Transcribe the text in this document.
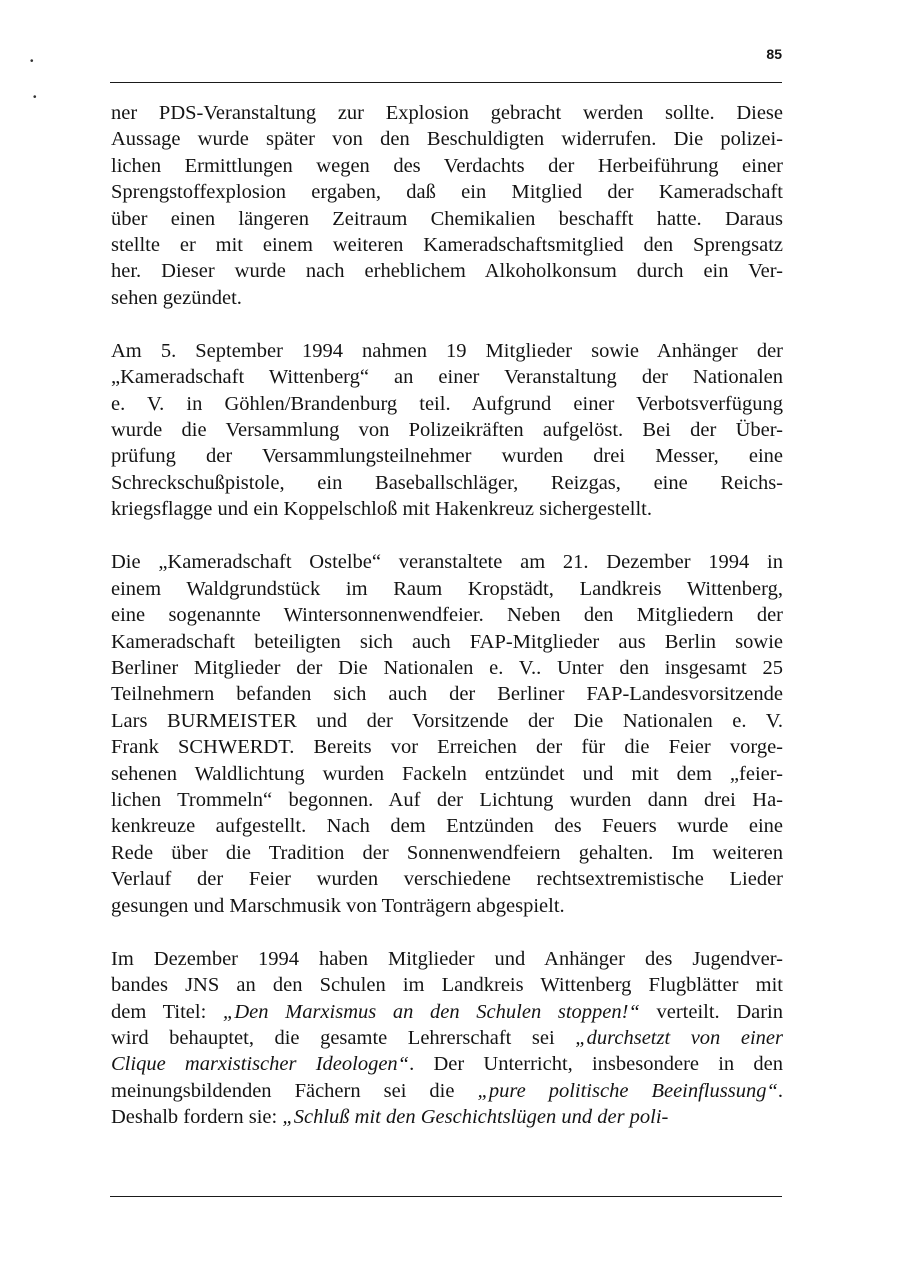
85
•
•
ner PDS-Veranstaltung zur Explosion gebracht werden sollte. Diese
Aussage wurde später von den Beschuldigten widerrufen. Die polizei-
lichen Ermittlungen wegen des Verdachts der Herbeiführung einer
Sprengstoffexplosion ergaben, daß ein Mitglied der Kameradschaft
über einen längeren Zeitraum Chemikalien beschafft hatte. Daraus
stellte er mit einem weiteren Kameradschaftsmitglied den Sprengsatz
her. Dieser wurde nach erheblichem Alkoholkonsum durch ein Ver-
sehen gezündet.
Am 5. September 1994 nahmen 19 Mitglieder sowie Anhänger der
„Kameradschaft Wittenberg“ an einer Veranstaltung der Nationalen
e. V. in Göhlen/Brandenburg teil. Aufgrund einer Verbotsverfügung
wurde die Versammlung von Polizeikräften aufgelöst. Bei der Über-
prüfung der Versammlungsteilnehmer wurden drei Messer, eine
Schreckschußpistole, ein Baseballschläger, Reizgas, eine Reichs-
kriegsflagge und ein Koppelschloß mit Hakenkreuz sichergestellt.
Die „Kameradschaft Ostelbe“ veranstaltete am 21. Dezember 1994 in
einem Waldgrundstück im Raum Kropstädt, Landkreis Wittenberg,
eine sogenannte Wintersonnenwendfeier. Neben den Mitgliedern der
Kameradschaft beteiligten sich auch FAP-Mitglieder aus Berlin sowie
Berliner Mitglieder der Die Nationalen e. V.. Unter den insgesamt 25
Teilnehmern befanden sich auch der Berliner FAP-Landesvorsitzende
Lars BURMEISTER und der Vorsitzende der Die Nationalen e. V.
Frank SCHWERDT. Bereits vor Erreichen der für die Feier vorge-
sehenen Waldlichtung wurden Fackeln entzündet und mit dem „feier-
lichen Trommeln“ begonnen. Auf der Lichtung wurden dann drei Ha-
kenkreuze aufgestellt. Nach dem Entzünden des Feuers wurde eine
Rede über die Tradition der Sonnenwendfeiern gehalten. Im weiteren
Verlauf der Feier wurden verschiedene rechtsextremistische Lieder
gesungen und Marschmusik von Tonträgern abgespielt.
Im Dezember 1994 haben Mitglieder und Anhänger des Jugendver-
bandes JNS an den Schulen im Landkreis Wittenberg Flugblätter mit
dem Titel: „Den Marxismus an den Schulen stoppen!“ verteilt. Darin
wird behauptet, die gesamte Lehrerschaft sei „durchsetzt von einer
Clique marxistischer Ideologen“. Der Unterricht, insbesondere in den
meinungsbildenden Fächern sei die „pure politische Beeinflussung“.
Deshalb fordern sie: „Schluß mit den Geschichtslügen und der poli-
